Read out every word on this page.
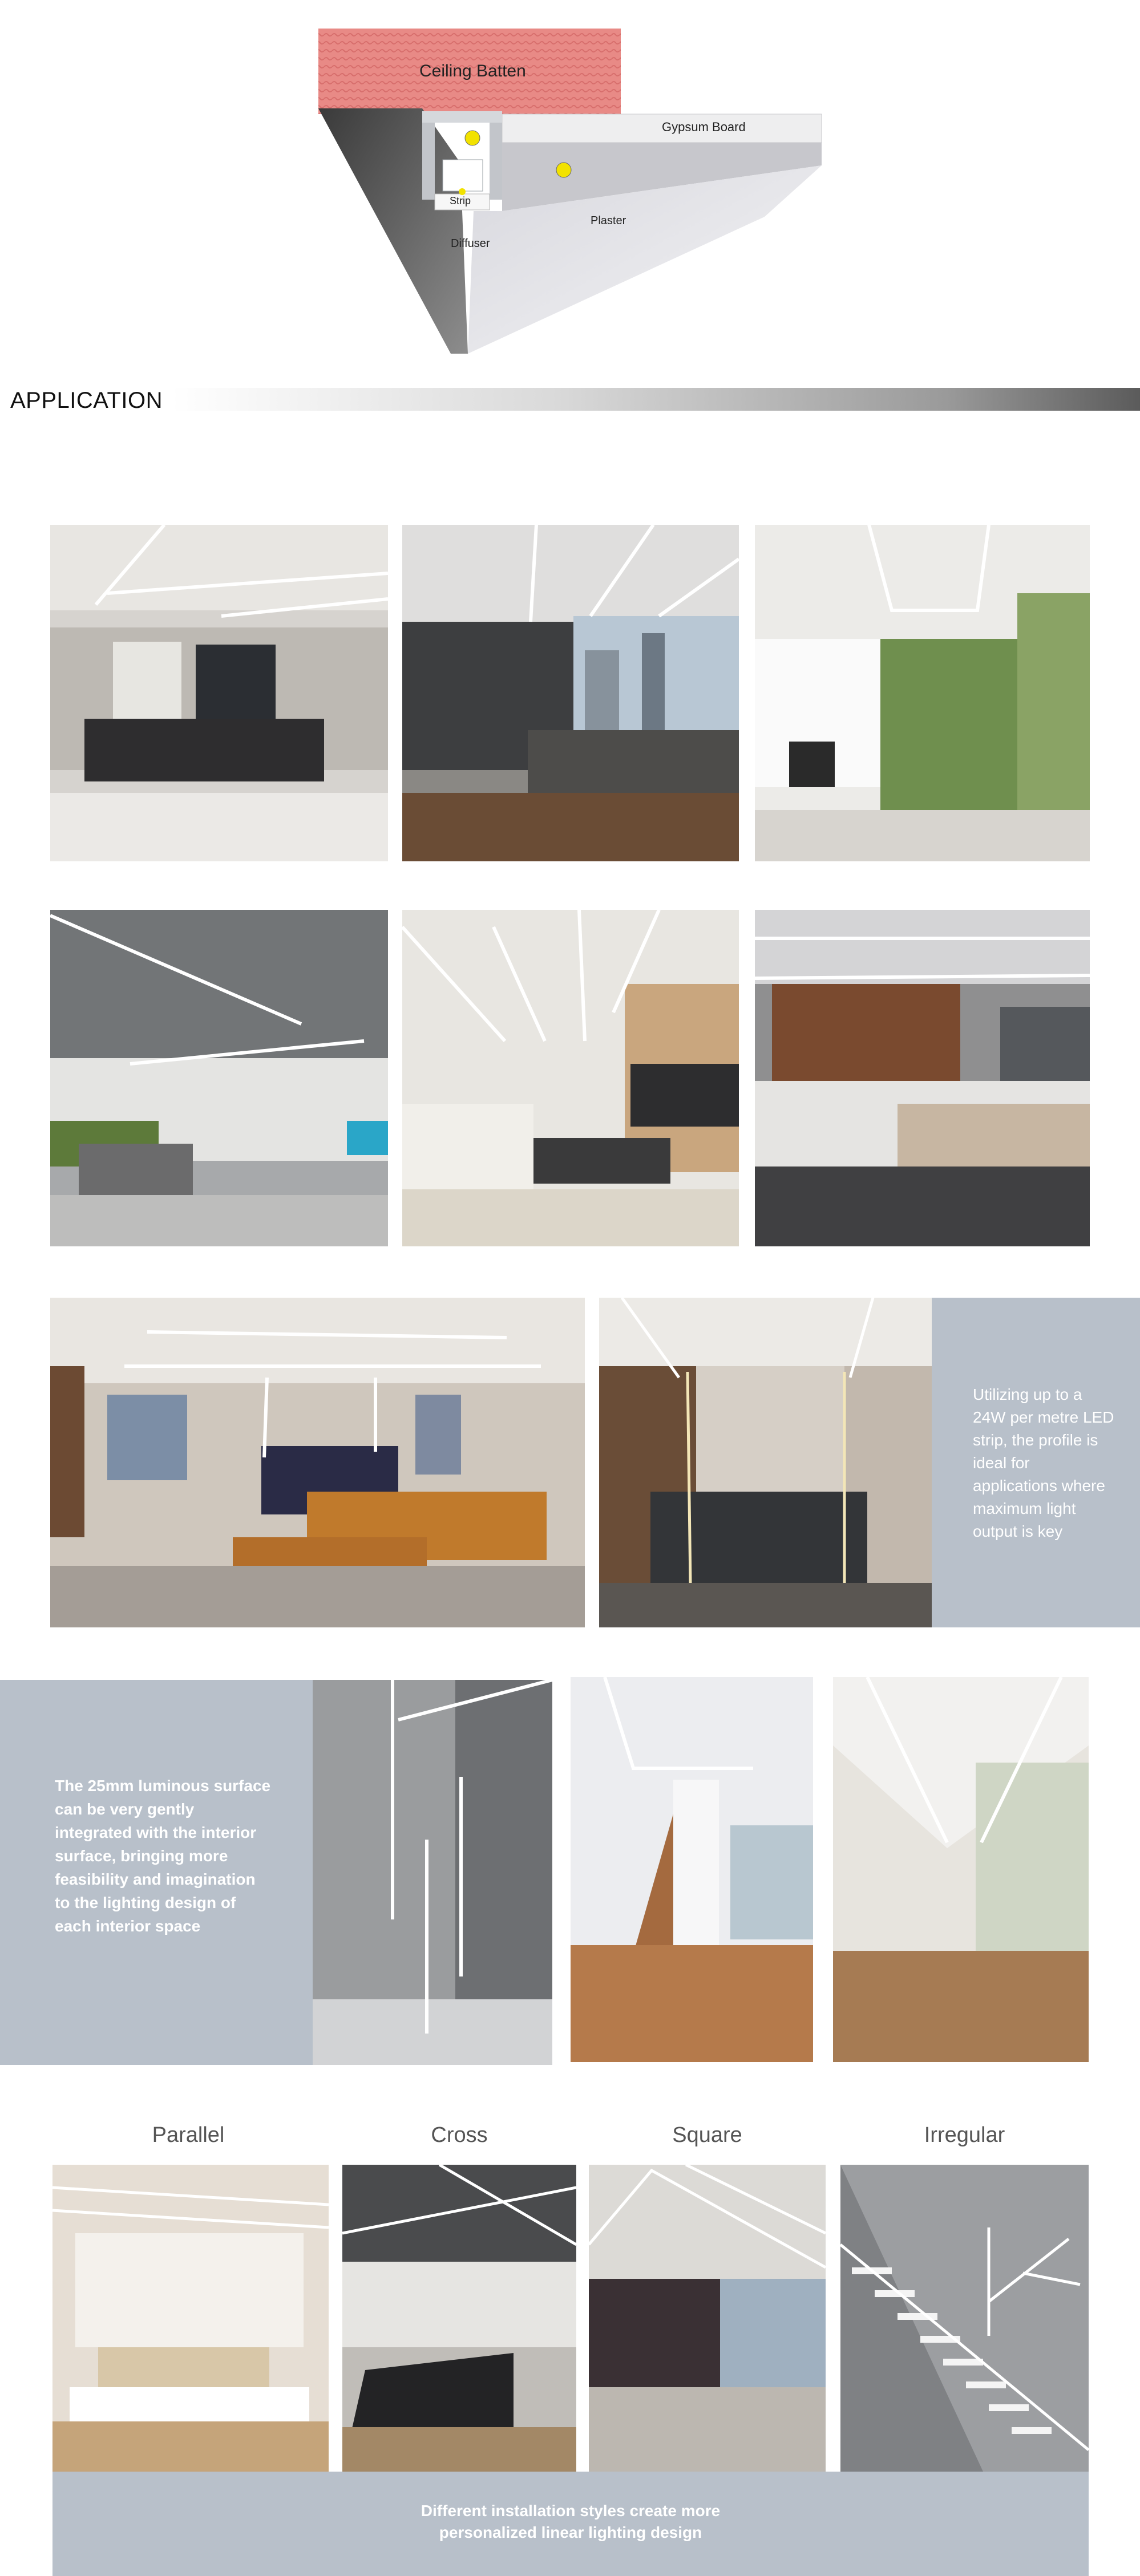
Ceiling Batten
Gypsum Board
Strip
Diffuser
Plaster
APPLICATION
Utilizing up to a 24W per metre LED strip, the profile is ideal for applications where maximum light output is key
The 25mm luminous surface can be very gently integrated with the interior surface, bringing more feasibility and imagination to the lighting design of each interior space
Parallel	Cross	Square	Irregular
Different installation styles create more
personalized linear lighting design
